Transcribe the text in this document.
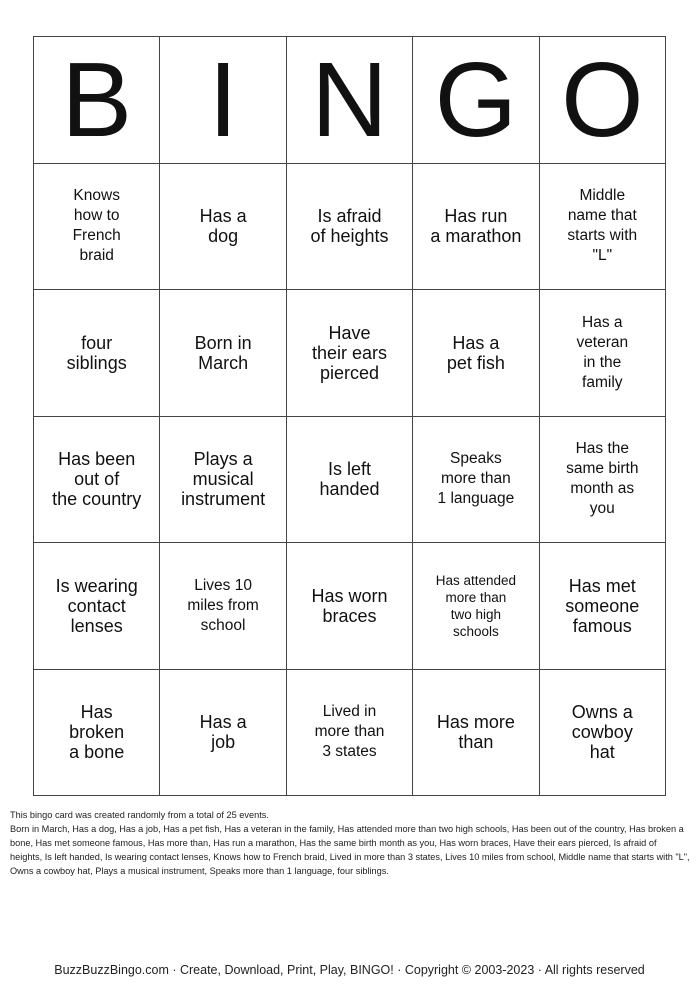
B I N G O
Knows
how to
French
braid
Has a
dog
Is afraid
of heights
Has run
a marathon
Middle
name that
starts with
"L"
four
siblings
Born in
March
Have
their ears
pierced
Has a
pet fish
Has a
veteran
in the
family
Has been
out of
the country
Plays a
musical
instrument
Is left
handed
Speaks
more than
1 language
Has the
same birth
month as
you
Is wearing
contact
lenses
Lives 10
miles from
school
Has worn
braces
Has attended
more than
two high
schools
Has met
someone
famous
Has
broken
a bone
Has a
job
Lived in
more than
3 states
Has more
than
Owns a
cowboy
hat

This bingo card was created randomly from a total of 25 events.

Born in March, Has a dog, Has a job, Has a pet fish, Has a veteran in the family, Has attended more than two high schools, Has been out of the country, Has broken a bone, Has met someone famous, Has more than, Has run a marathon, Has the same birth month as you, Has worn braces, Have their ears pierced, Is afraid of heights, Is left handed, Is wearing contact lenses, Knows how to French braid, Lived in more than 3 states, Lives 10 miles from school, Middle name that starts with "L", Owns a cowboy hat, Plays a musical instrument, Speaks more than 1 language, four siblings.

BuzzBuzzBingo.com · Create, Download, Print, Play, BINGO! · Copyright © 2003-2023 · All rights reserved
